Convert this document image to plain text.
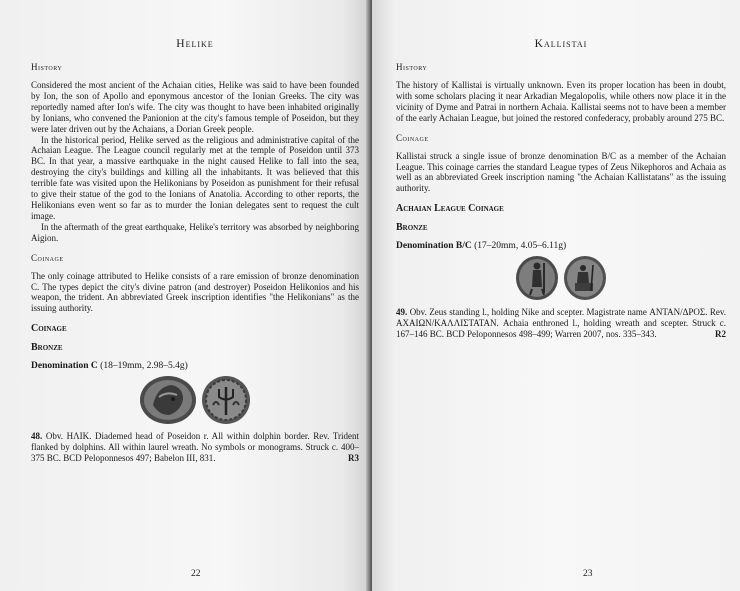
Helike
History

Considered the most ancient of the Achaian cities, Helike was said to have been founded by Ion, the son of Apollo and eponymous ancestor of the Ionian Greeks. The city was reportedly named after Ion's wife. The city was thought to have been inhabited originally by Ionians, who convened the Panionion at the city's famous temple of Poseidon, but they were later driven out by the Achaians, a Dorian Greek people.

In the historical period, Helike served as the religious and administrative capital of the Achaian League. The League council regularly met at the temple of Poseidon until 373 BC. In that year, a massive earthquake in the night caused Helike to fall into the sea, destroying the city's buildings and killing all the inhabitants. It was believed that this terrible fate was visited upon the Helikonians by Poseidon as punishment for their refusal to give their statue of the god to the Ionians of Anatolia. According to other reports, the Helikonians even went so far as to murder the Ionian delegates sent to request the cult image.

In the aftermath of the great earthquake, Helike's territory was absorbed by neighboring Aigion.

Coinage

The only coinage attributed to Helike consists of a rare emission of bronze denomination C. The types depict the city's divine patron (and destroyer) Poseidon Helikonios and his weapon, the trident. An abbreviated Greek inscription identifies "the Helikonians" as the issuing authority.

Coinage
Bronze
Denomination C (18–19mm, 2.98–5.4g)
48. Obv. ΗΛΙΚ. Diademed head of Poseidon r. All within dolphin border. Rev. Trident flanked by dolphins. All within laurel wreath. No symbols or monograms. Struck c. 400–375 BC. BCD Peloponnesos 497; Babelon III, 831.	R3
22
Kallistai
History

The history of Kallistai is virtually unknown. Even its proper location has been in doubt, with some scholars placing it near Arkadian Megalopolis, while others now place it in the vicinity of Dyme and Patrai in northern Achaia. Kallistai seems not to have been a member of the early Achaian League, but joined the restored confederacy, probably around 275 BC.

Coinage

Kallistai struck a single issue of bronze denomination B/C as a member of the Achaian League. This coinage carries the standard League types of Zeus Nikephoros and Achaia as well as an abbreviated Greek inscription naming "the Achaian Kallistatans" as the issuing authority.

Achaian League Coinage
Bronze
Denomination B/C (17–20mm, 4.05–6.11g)
49. Obv. Zeus standing l., holding Nike and scepter. Magistrate name ΑΝΤΑΝ/ΔΡΟΣ. Rev. ΑΧΑΙΩΝ/ΚΑΛΛΙΣΤΑΤΑΝ. Achaia enthroned l., holding wreath and scepter. Struck c. 167–146 BC. BCD Peloponnesos 498–499; Warren 2007, nos. 335–343.	R2
23
